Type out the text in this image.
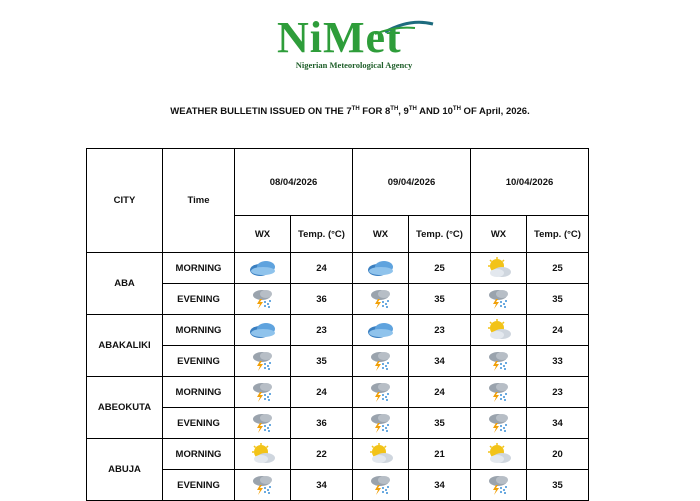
NiMet
Nigerian Meteorological Agency
WEATHER BULLETIN ISSUED ON THE 7TH FOR 8TH, 9TH AND 10TH OF April, 2026.
CITY	Time	08/04/2026		09/04/2026		10/04/2026	
		WX	Temp. (°C)	WX	Temp. (°C)	WX	Temp. (°C)
ABA	MORNING		24		25		25
	EVENING		36		35		35
ABAKALIKI	MORNING		23		23		24
	EVENING		35		34		33
ABEOKUTA	MORNING		24		24		23
	EVENING		36		35		34
ABUJA	MORNING		22		21		20
	EVENING		34		34		35
